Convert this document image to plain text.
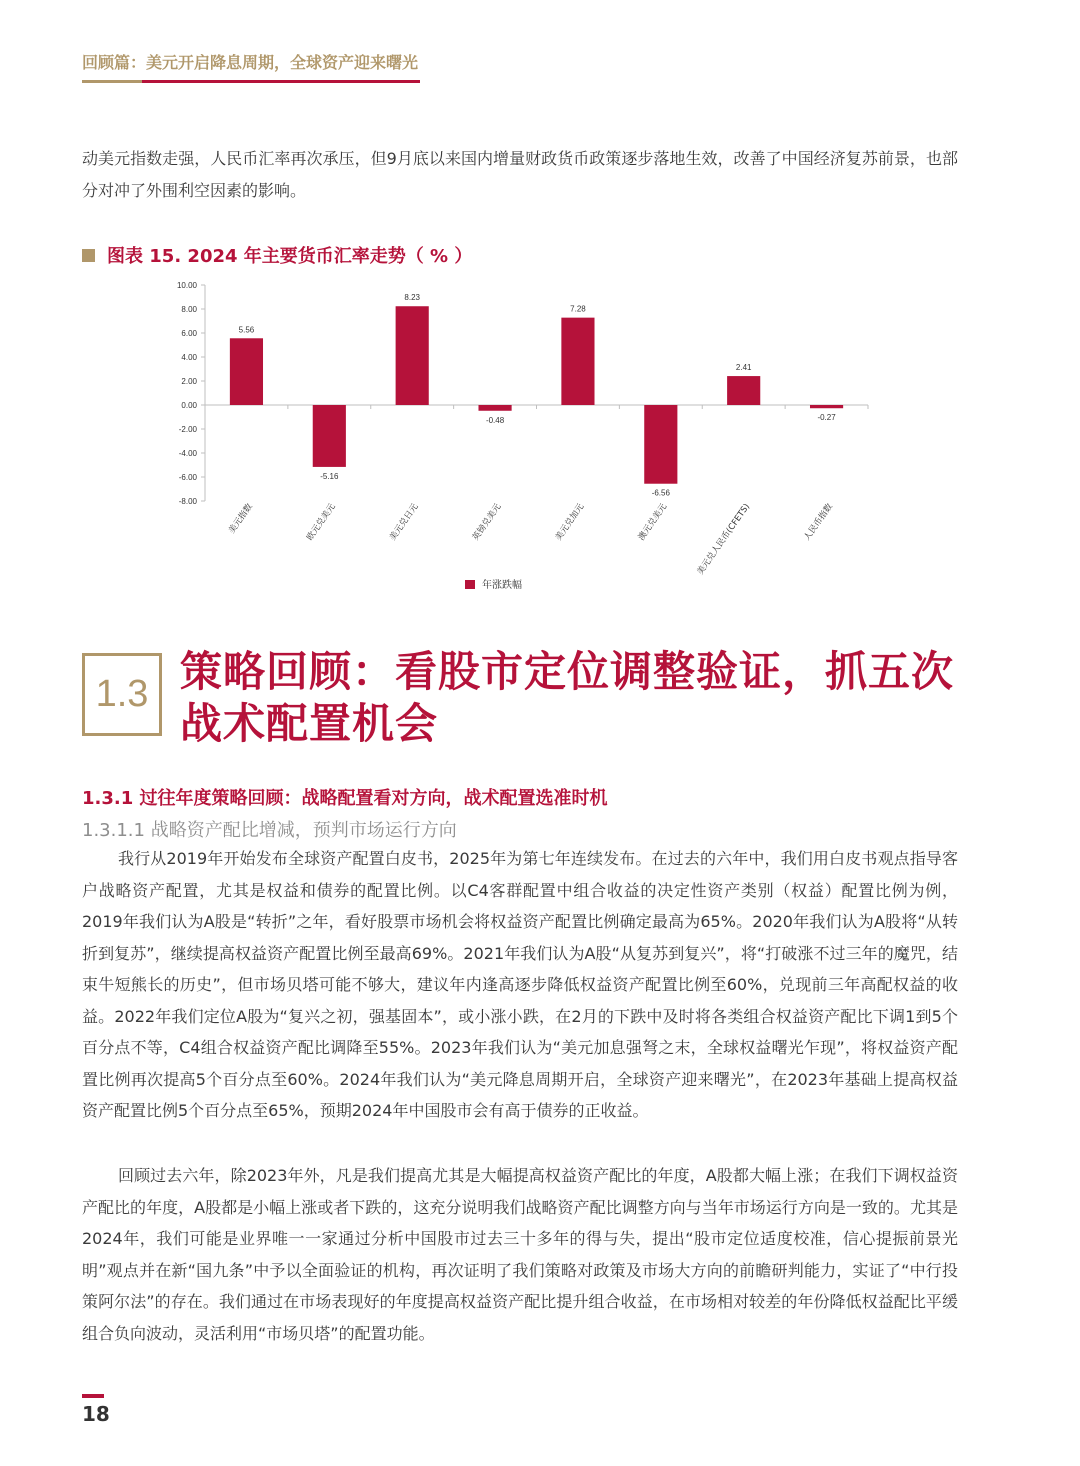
回顾篇：美元开启降息周期，全球资产迎来曙光

动美元指数走强，人民币汇率再次承压，但9月底以来国内增量财政货币政策逐步落地生效，改善了中国经济复苏前景，也部分对冲了外围利空因素的影响。

图表 15. 2024 年主要货币汇率走势（ % ）
10.00
8.00
6.00
4.00
2.00
0.00
-2.00
-4.00
-6.00
-8.00
5.56
美元指数
-5.16
欧元兑美元
8.23
美元兑日元
-0.48
英镑兑美元
7.28
美元兑加元
-6.56
澳元兑美元
2.41
美元兑人民币(CFETS)
-0.27
人民币指数
年涨跌幅
1.3 策略回顾：看股市定位调整验证，抓五次战术配置机会
1.3.1 过往年度策略回顾：战略配置看对方向，战术配置选准时机
1.3.1.1 战略资产配比增减，预判市场运行方向

我行从2019年开始发布全球资产配置白皮书，2025年为第七年连续发布。在过去的六年中，我们用白皮书观点指导客户战略资产配置，尤其是权益和债券的配置比例。以C4客群配置中组合收益的决定性资产类别（权益）配置比例为例，2019年我们认为A股是“转折”之年，看好股票市场机会将权益资产配置比例确定最高为65%。2020年我们认为A股将“从转折到复苏”，继续提高权益资产配置比例至最高69%。2021年我们认为A股“从复苏到复兴”，将“打破涨不过三年的魔咒，结束牛短熊长的历史”，但市场贝塔可能不够大，建议年内逢高逐步降低权益资产配置比例至60%，兑现前三年高配权益的收益。2022年我们定位A股为“复兴之初，强基固本”，或小涨小跌，在2月的下跌中及时将各类组合权益资产配比下调1到5个百分点不等，C4组合权益资产配比调降至55%。2023年我们认为“美元加息强弩之末，全球权益曙光乍现”，将权益资产配置比例再次提高5个百分点至60%。2024年我们认为“美元降息周期开启，全球资产迎来曙光”，在2023年基础上提高权益资产配置比例5个百分点至65%，预期2024年中国股市会有高于债券的正收益。

回顾过去六年，除2023年外，凡是我们提高尤其是大幅提高权益资产配比的年度，A股都大幅上涨；在我们下调权益资产配比的年度，A股都是小幅上涨或者下跌的，这充分说明我们战略资产配比调整方向与当年市场运行方向是一致的。尤其是2024年，我们可能是业界唯一一家通过分析中国股市过去三十多年的得与失，提出“股市定位适度校准，信心提振前景光明”观点并在新“国九条”中予以全面验证的机构，再次证明了我们策略对政策及市场大方向的前瞻研判能力，实证了“中行投策阿尔法”的存在。我们通过在市场表现好的年度提高权益资产配比提升组合收益，在市场相对较差的年份降低权益配比平缓组合负向波动，灵活利用“市场贝塔”的配置功能。

18
